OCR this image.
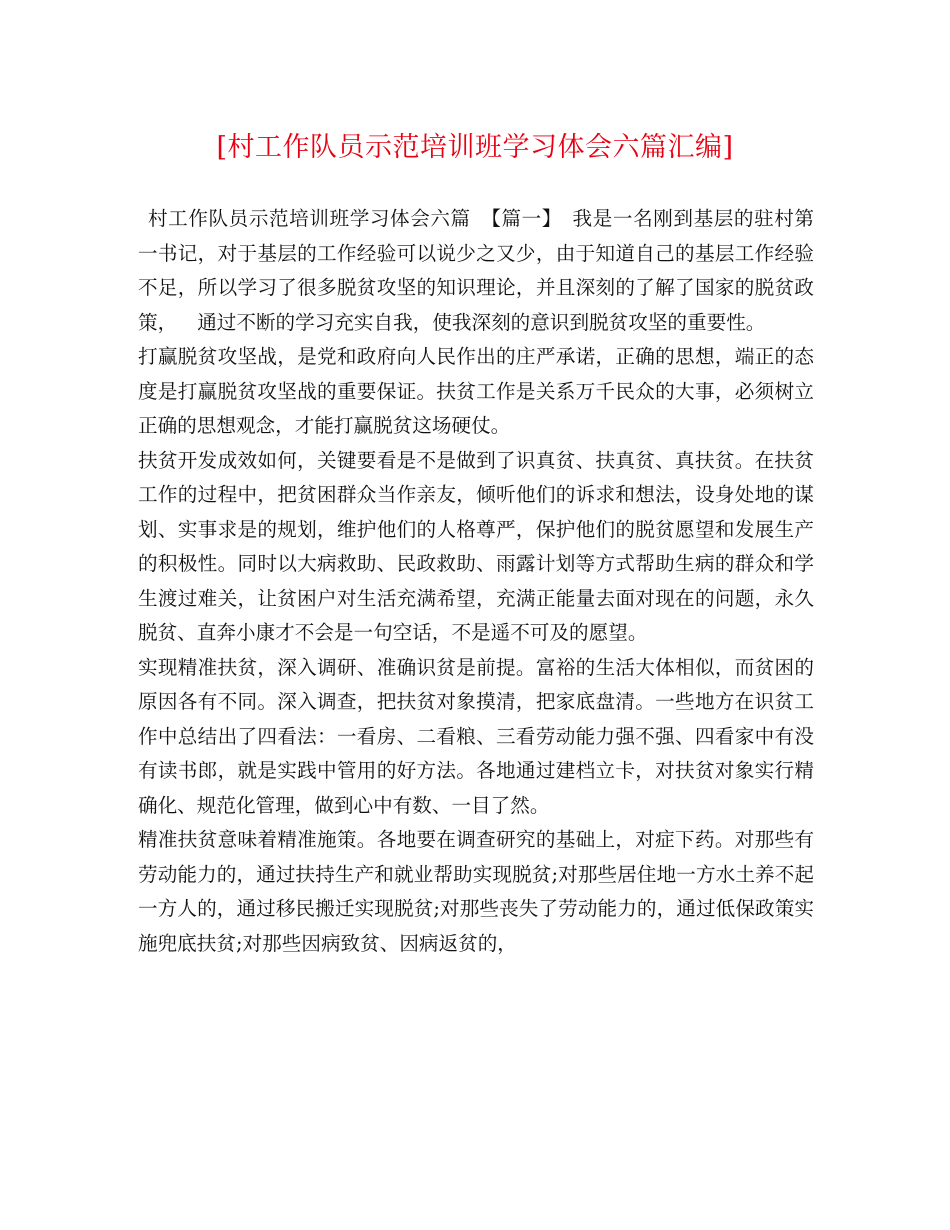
[村工作队员示范培训班学习体会六篇汇编]

村工作队员示范培训班学习体会六篇 【篇一】 我是一名刚到基层的驻村第一书记，对于基层的工作经验可以说少之又少，由于知道自己的基层工作经验不足，所以学习了很多脱贫攻坚的知识理论，并且深刻的了解了国家的脱贫政策， 通过不断的学习充实自我，使我深刻的意识到脱贫攻坚的重要性。

打赢脱贫攻坚战，是党和政府向人民作出的庄严承诺，正确的思想，端正的态度是打赢脱贫攻坚战的重要保证。扶贫工作是关系万千民众的大事，必须树立正确的思想观念，才能打赢脱贫这场硬仗。

扶贫开发成效如何，关键要看是不是做到了识真贫、扶真贫、真扶贫。在扶贫工作的过程中，把贫困群众当作亲友，倾听他们的诉求和想法，设身处地的谋划、实事求是的规划，维护他们的人格尊严，保护他们的脱贫愿望和发展生产的积极性。同时以大病救助、民政救助、雨露计划等方式帮助生病的群众和学生渡过难关，让贫困户对生活充满希望，充满正能量去面对现在的问题，永久脱贫、直奔小康才不会是一句空话，不是遥不可及的愿望。

实现精准扶贫，深入调研、准确识贫是前提。富裕的生活大体相似，而贫困的原因各有不同。深入调查，把扶贫对象摸清，把家底盘清。一些地方在识贫工作中总结出了四看法：一看房、二看粮、三看劳动能力强不强、四看家中有没有读书郎，就是实践中管用的好方法。各地通过建档立卡，对扶贫对象实行精确化、规范化管理，做到心中有数、一目了然。

精准扶贫意味着精准施策。各地要在调查研究的基础上，对症下药。对那些有劳动能力的，通过扶持生产和就业帮助实现脱贫;对那些居住地一方水土养不起一方人的，通过移民搬迁实现脱贫;对那些丧失了劳动能力的，通过低保政策实施兜底扶贫;对那些因病致贫、因病返贫的，
